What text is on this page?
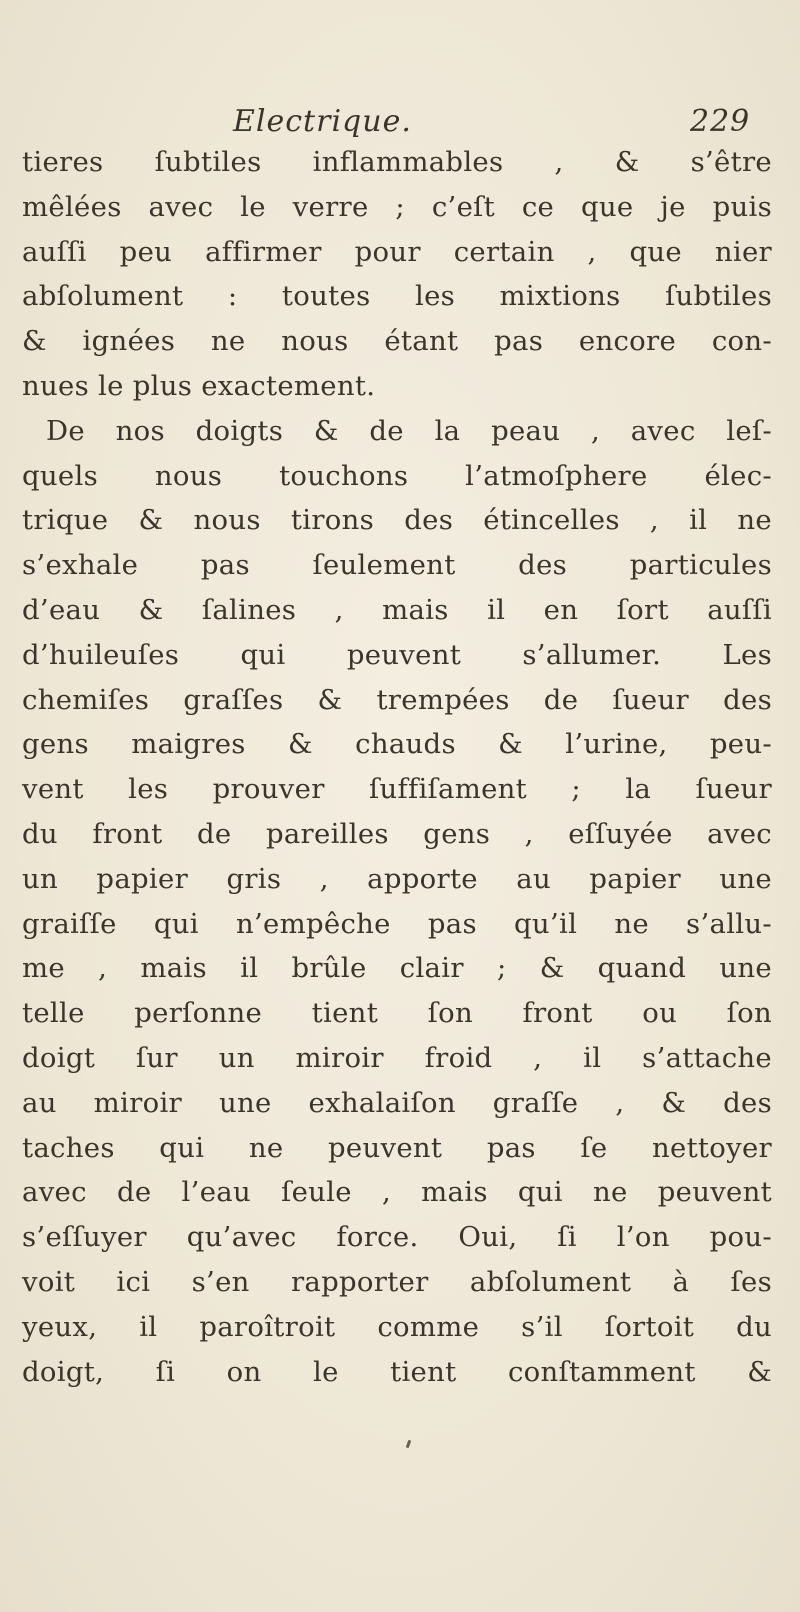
Electrique.	229
tieres ſubtiles inflammables , & s’être
mêlées avec le verre ; c’eſt ce que je puis
auſſi peu affirmer pour certain , que nier
abſolument : toutes les mixtions ſubtiles
& ignées ne nous étant pas encore con-
nues le plus exactement.
De nos doigts & de la peau , avec leſ-
quels nous touchons l’atmoſphere élec-
trique & nous tirons des étincelles , il ne
s’exhale pas ſeulement des particules
d’eau & ſalines , mais il en ſort auſſi
d’huileuſes qui peuvent s’allumer. Les
chemiſes graſſes & trempées de ſueur des
gens maigres & chauds & l’urine, peu-
vent les prouver ſuffiſament ; la ſueur
du front de pareilles gens , eſſuyée avec
un papier gris , apporte au papier une
graiſſe qui n’empêche pas qu’il ne s’allu-
me , mais il brûle clair ; & quand une
telle perſonne tient ſon front ou ſon
doigt ſur un miroir froid , il s’attache
au miroir une exhalaiſon graſſe , & des
taches qui ne peuvent pas ſe nettoyer
avec de l’eau ſeule , mais qui ne peuvent
s’eſſuyer qu’avec force. Oui, ſi l’on pou-
voit ici s’en rapporter abſolument à ſes
yeux, il paroîtroit comme s’il ſortoit du
doigt, ſi on le tient conſtamment &
